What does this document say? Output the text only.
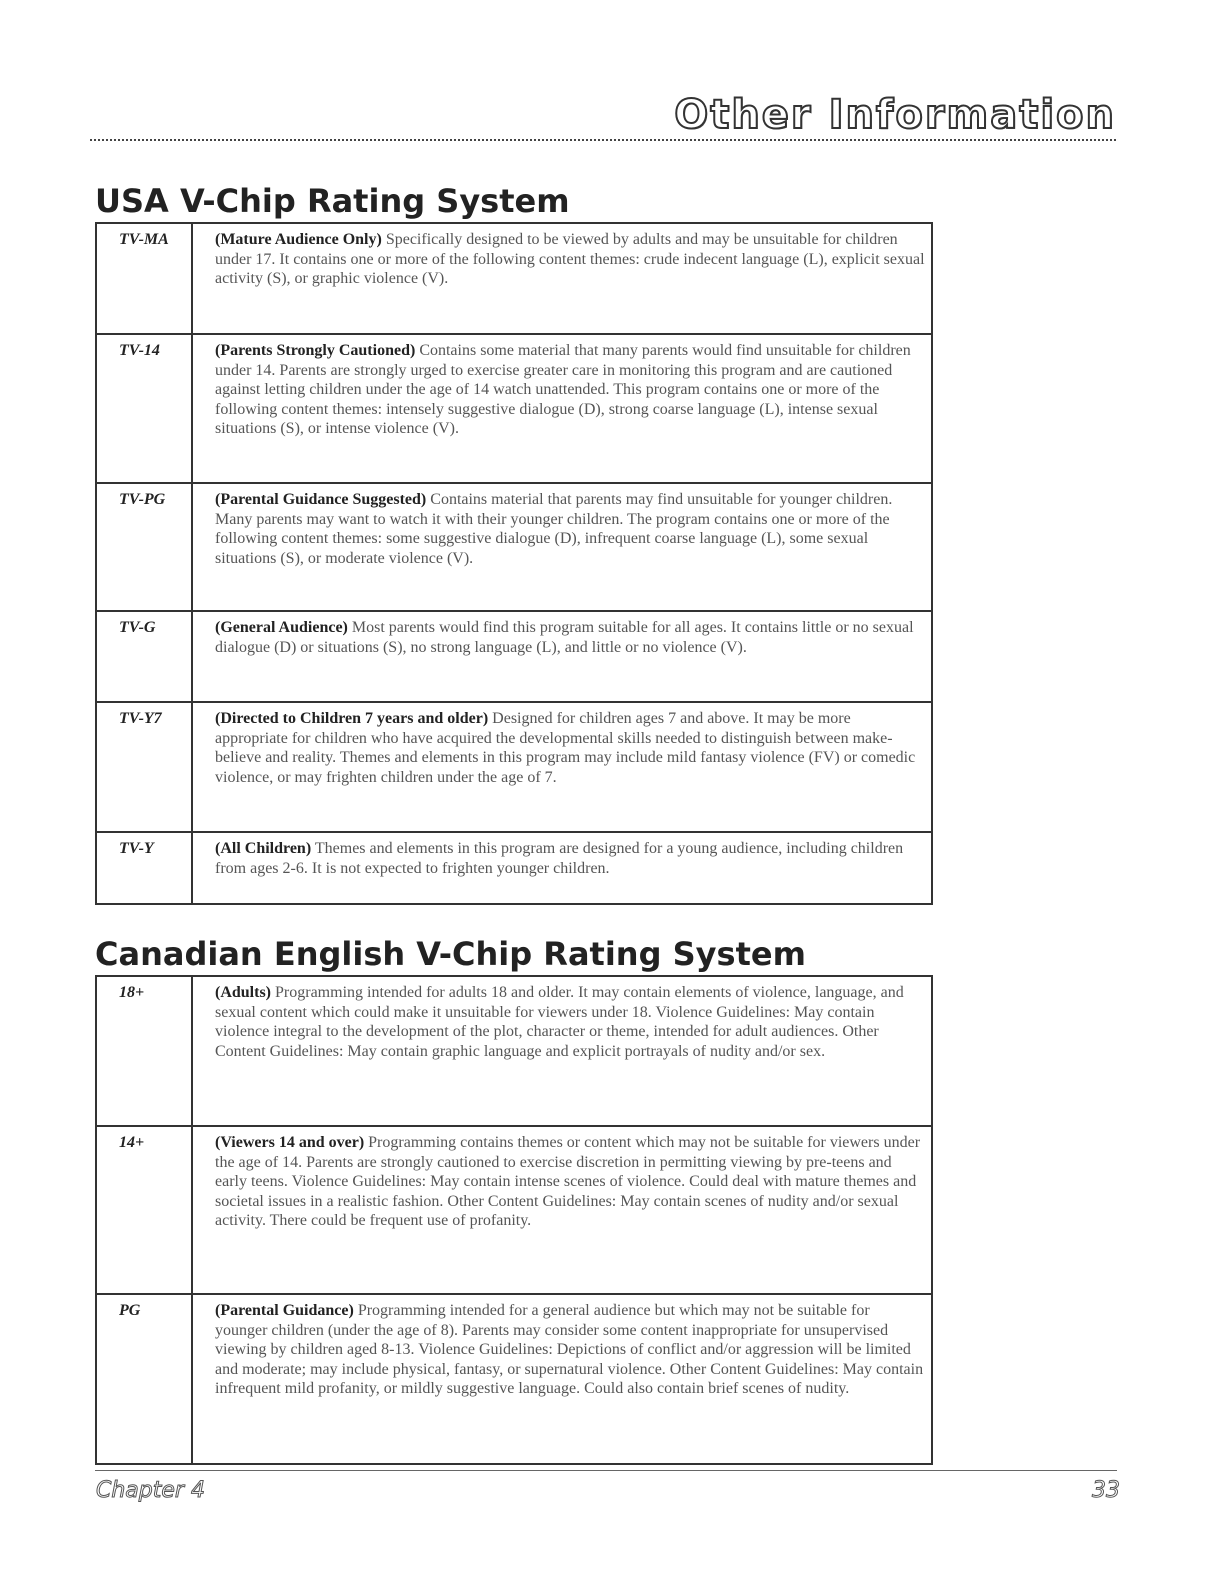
Other Information
USA V-Chip Rating System
TV-MA	(Mature Audience Only) Specifically designed to be viewed by adults and may be unsuitable for children under 17. It contains one or more of the following content themes: crude indecent language (L), explicit sexual activity (S), or graphic violence (V).
TV-14	(Parents Strongly Cautioned) Contains some material that many parents would find unsuitable for children under 14. Parents are strongly urged to exercise greater care in monitoring this program and are cautioned against letting children under the age of 14 watch unattended. This program contains one or more of the following content themes: intensely suggestive dialogue (D), strong coarse language (L), intense sexual situations (S), or intense violence (V).
TV-PG	(Parental Guidance Suggested) Contains material that parents may find unsuitable for younger children. Many parents may want to watch it with their younger children. The program contains one or more of the following content themes: some suggestive dialogue (D), infrequent coarse language (L), some sexual situations (S), or moderate violence (V).
TV-G	(General Audience) Most parents would find this program suitable for all ages. It contains little or no sexual dialogue (D) or situations (S), no strong language (L), and little or no violence (V).
TV-Y7	(Directed to Children 7 years and older) Designed for children ages 7 and above. It may be more appropriate for children who have acquired the developmental skills needed to distinguish between make-believe and reality. Themes and elements in this program may include mild fantasy violence (FV) or comedic violence, or may frighten children under the age of 7.
TV-Y	(All Children) Themes and elements in this program are designed for a young audience, including children from ages 2-6. It is not expected to frighten younger children.
Canadian English V-Chip Rating System
18+	(Adults) Programming intended for adults 18 and older. It may contain elements of violence, language, and sexual content which could make it unsuitable for viewers under 18. Violence Guidelines: May contain violence integral to the development of the plot, character or theme, intended for adult audiences. Other Content Guidelines: May contain graphic language and explicit portrayals of nudity and/or sex.
14+	(Viewers 14 and over) Programming contains themes or content which may not be suitable for viewers under the age of 14. Parents are strongly cautioned to exercise discretion in permitting viewing by pre-teens and early teens. Violence Guidelines: May contain intense scenes of violence. Could deal with mature themes and societal issues in a realistic fashion. Other Content Guidelines: May contain scenes of nudity and/or sexual activity. There could be frequent use of profanity.
PG	(Parental Guidance) Programming intended for a general audience but which may not be suitable for younger children (under the age of 8). Parents may consider some content inappropriate for unsupervised viewing by children aged 8-13. Violence Guidelines: Depictions of conflict and/or aggression will be limited and moderate; may include physical, fantasy, or supernatural violence. Other Content Guidelines: May contain infrequent mild profanity, or mildly suggestive language. Could also contain brief scenes of nudity.
Chapter 4	33
